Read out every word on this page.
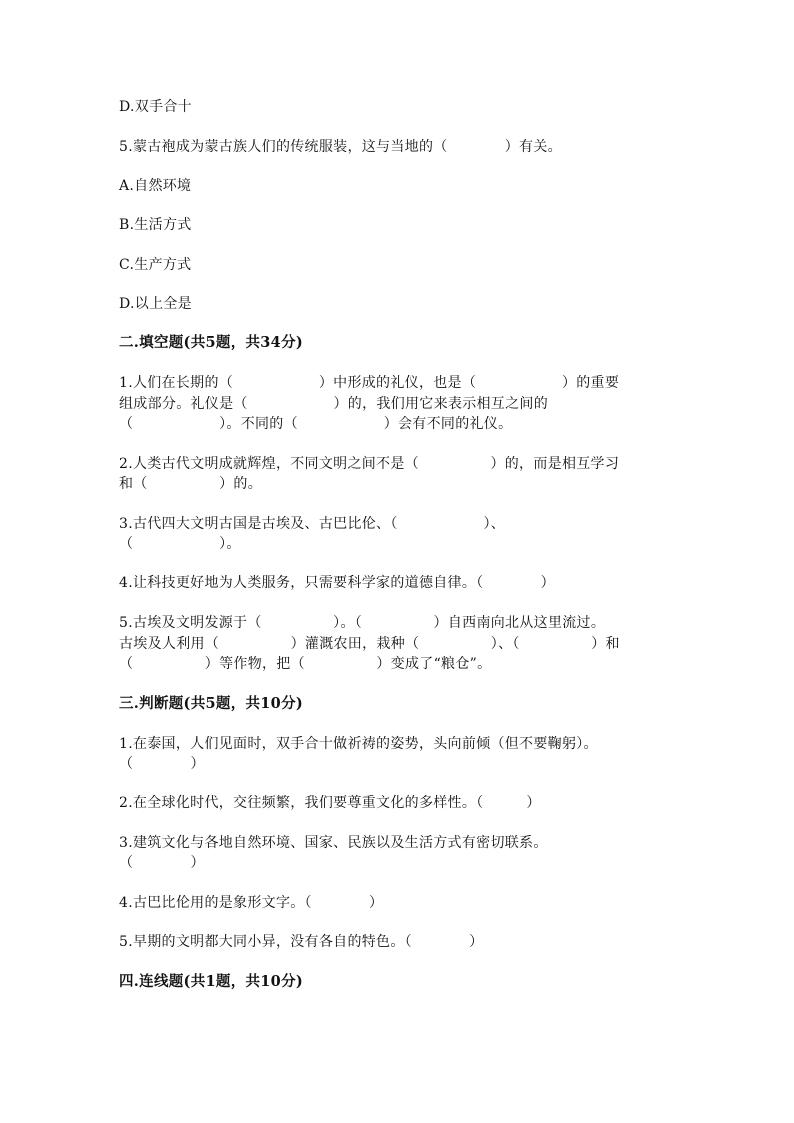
D.双手合十
5.蒙古袍成为蒙古族人们的传统服装，这与当地的（　　　　）有关。
A.自然环境
B.生活方式
C.生产方式
D.以上全是
二.填空题(共5题，共34分)
1.人们在长期的（　　　　　　）中形成的礼仪，也是（　　　　　　）的重要
组成部分。礼仪是（　　　　　　）的，我们用它来表示相互之间的
（　　　　　　）。不同的（　　　　　　）会有不同的礼仪。
2.人类古代文明成就辉煌，不同文明之间不是（　　　　　）的，而是相互学习
和（　　　　　）的。
3.古代四大文明古国是古埃及、古巴比伦、（　　　　　　）、
（　　　　　　）。
4.让科技更好地为人类服务，只需要科学家的道德自律。（　　　　）
5.古埃及文明发源于（　　　　　）。（　　　　　）自西南向北从这里流过。
古埃及人利用（　　　　　）灌溉农田，栽种（　　　　　）、（　　　　　）和
（　　　　　）等作物，把（　　　　　）变成了“粮仓”。
三.判断题(共5题，共10分)
1.在泰国，人们见面时，双手合十做祈祷的姿势，头向前倾（但不要鞠躬）。
（　　　　）
2.在全球化时代，交往频繁，我们要尊重文化的多样性。（　　　）
3.建筑文化与各地自然环境、国家、民族以及生活方式有密切联系。
（　　　　）
4.古巴比伦用的是象形文字。（　　　　）
5.早期的文明都大同小异，没有各自的特色。（　　　　）
四.连线题(共1题，共10分)
